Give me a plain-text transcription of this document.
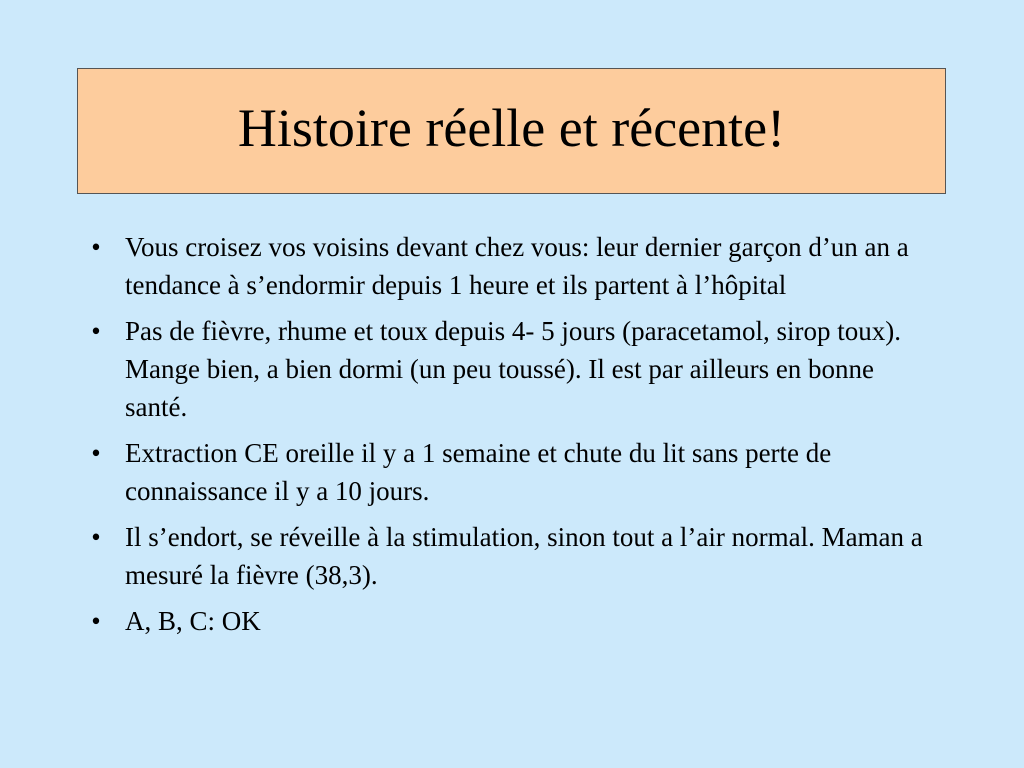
Histoire réelle et récente!
• Vous croisez vos voisins devant chez vous: leur dernier garçon d’un an a tendance à s’endormir depuis 1 heure et ils partent à l’hôpital
• Pas de fièvre, rhume et toux depuis 4- 5 jours (paracetamol, sirop toux). Mange bien, a bien dormi (un peu toussé). Il est par ailleurs en bonne santé.
• Extraction CE oreille il y a 1 semaine et chute du lit sans perte de connaissance il y a 10 jours.
• Il s’endort, se réveille à la stimulation, sinon tout a l’air normal. Maman a mesuré la fièvre (38,3).
• A, B, C: OK
